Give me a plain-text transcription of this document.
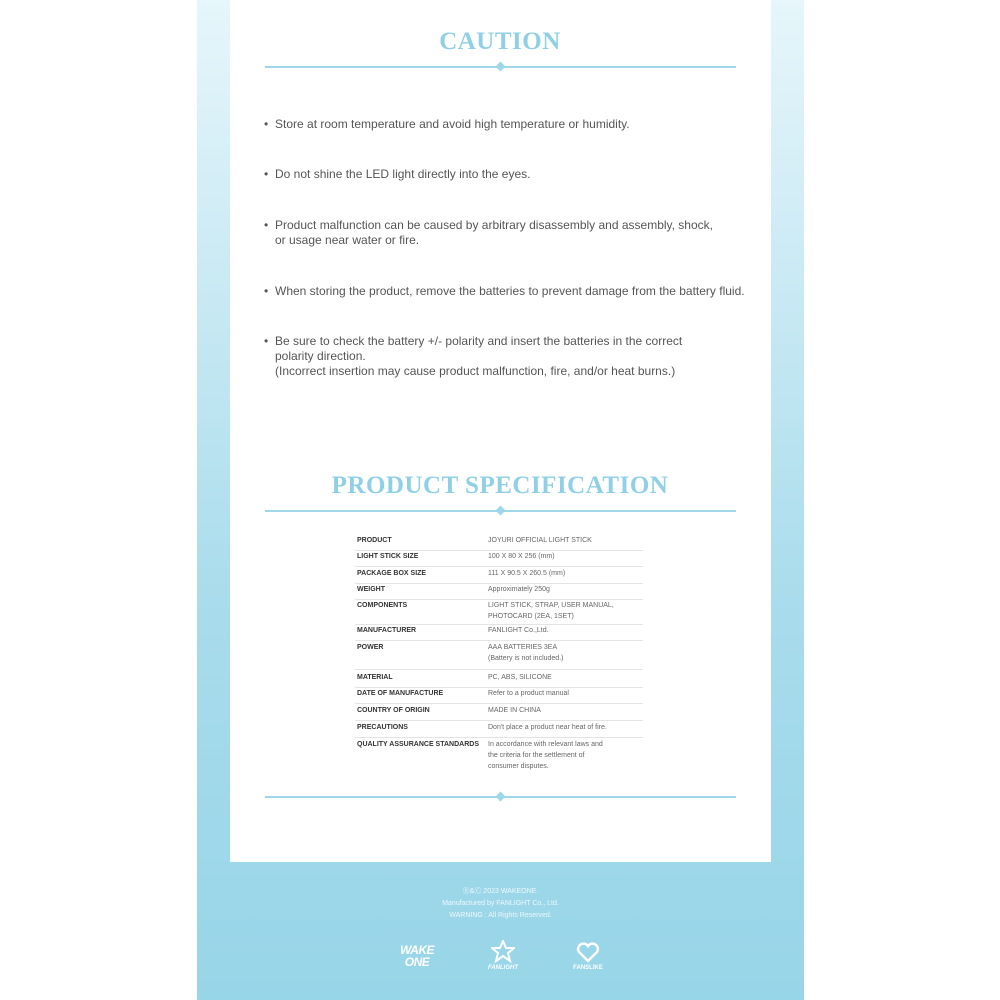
CAUTION
• Store at room temperature and avoid high temperature or humidity.
• Do not shine the LED light directly into the eyes.
• Product malfunction can be caused by arbitrary disassembly and assembly, shock,
or usage near water or fire.
• When storing the product, remove the batteries to prevent damage from the battery fluid.
• Be sure to check the battery +/- polarity and insert the batteries in the correct
polarity direction.
(Incorrect insertion may cause product malfunction, fire, and/or heat burns.)
PRODUCT SPECIFICATION
PRODUCT	JOYURI OFFICIAL LIGHT STICK
LIGHT STICK SIZE	100 X 80 X 256 (mm)
PACKAGE BOX SIZE	111 X 90.5 X 260.5 (mm)
WEIGHT	Approximately 250g
COMPONENTS	LIGHT STICK, STRAP, USER MANUAL,
PHOTOCARD (2EA, 1SET)
MANUFACTURER	FANLIGHT Co.,Ltd.
POWER	AAA BATTERIES 3EA
(Battery is not included.)
MATERIAL	PC, ABS, SILICONE
DATE OF MANUFACTURE	Refer to a product manual
COUNTRY OF ORIGIN	MADE IN CHINA
PRECAUTIONS	Don't place a product near heat of fire.
QUALITY ASSURANCE STANDARDS In accordance with relevant laws and
the criteria for the settlement of
consumer disputes.
Ⓡ&Ⓒ 2023 WAKEONE.
Manufactured by FANLIGHT Co., Ltd.
WARNING : All Rights Reserved.
WAKE
ONE	FANLIGHT	FANSLIKE
